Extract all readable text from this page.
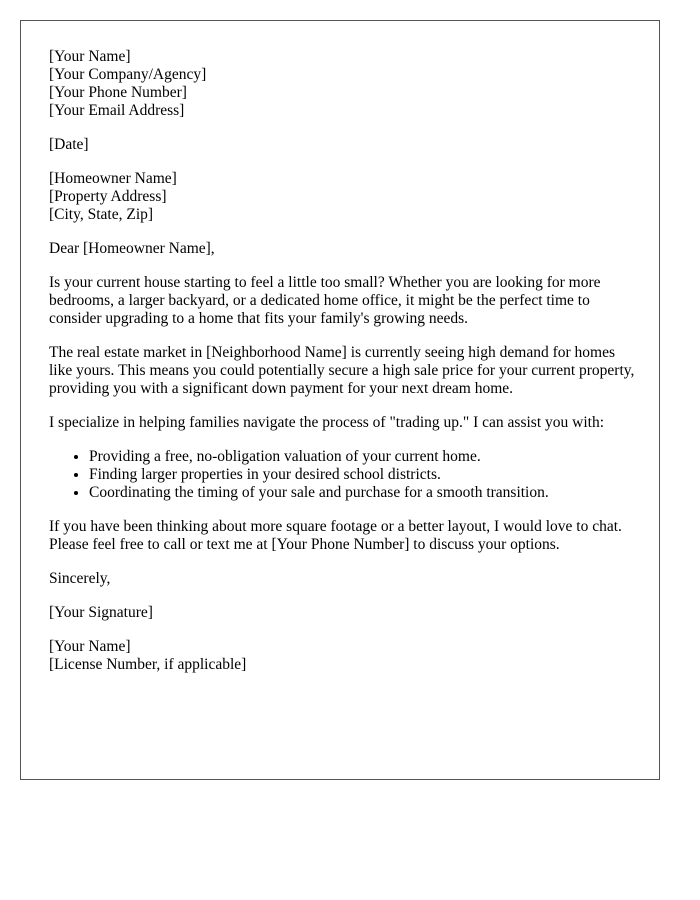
[Your Name]
[Your Company/Agency]
[Your Phone Number]
[Your Email Address]
[Date]
[Homeowner Name]
[Property Address]
[City, State, Zip]

Dear [Homeowner Name],

Is your current house starting to feel a little too small? Whether you are looking for more bedrooms, a larger backyard, or a dedicated home office, it might be the perfect time to consider upgrading to a home that fits your family's growing needs.

The real estate market in [Neighborhood Name] is currently seeing high demand for homes like yours. This means you could potentially secure a high sale price for your current property, providing you with a significant down payment for your next dream home.

I specialize in helping families navigate the process of "trading up." I can assist you with:

• Providing a free, no-obligation valuation of your current home.
• Finding larger properties in your desired school districts.
• Coordinating the timing of your sale and purchase for a smooth transition.

If you have been thinking about more square footage or a better layout, I would love to chat. Please feel free to call or text me at [Your Phone Number] to discuss your options.

Sincerely,

[Your Signature]

[Your Name]
[License Number, if applicable]
